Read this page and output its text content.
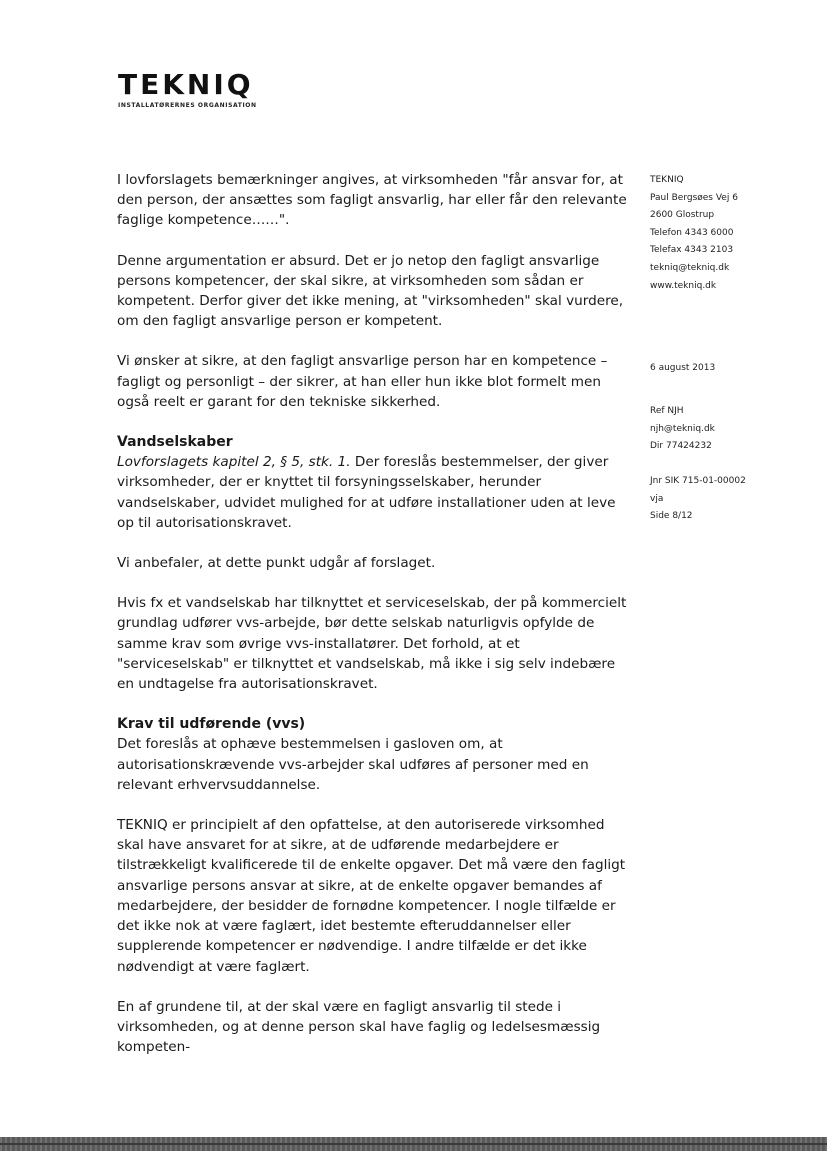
TEKNIQ
INSTALLATØRERNES ORGANISATION

I lovforslagets bemærkninger angives, at virksomheden "får ansvar for, at den person, der ansættes som fagligt ansvarlig, har eller får den relevante faglige kompetence……".

Denne argumentation er absurd. Det er jo netop den fagligt ansvarlige persons kompetencer, der skal sikre, at virksomheden som sådan er kompetent. Derfor giver det ikke mening, at "virksomheden" skal vurdere, om den fagligt ansvarlige person er kompetent.

Vi ønsker at sikre, at den fagligt ansvarlige person har en kompetence – fagligt og personligt – der sikrer, at han eller hun ikke blot formelt men også reelt er garant for den tekniske sikkerhed.

Vandselskaber

Lovforslagets kapitel 2, § 5, stk. 1. Der foreslås bestemmelser, der giver virksomheder, der er knyttet til forsyningsselskaber, herunder vandselskaber, udvidet mulighed for at udføre installationer uden at leve op til autorisationskravet.

Vi anbefaler, at dette punkt udgår af forslaget.

Hvis fx et vandselskab har tilknyttet et serviceselskab, der på kommercielt grundlag udfører vvs-arbejde, bør dette selskab naturligvis opfylde de samme krav som øvrige vvs-installatører. Det forhold, at et "serviceselskab" er tilknyttet et vandselskab, må ikke i sig selv indebære en undtagelse fra autorisationskravet.

Krav til udførende (vvs)

Det foreslås at ophæve bestemmelsen i gasloven om, at autorisationskrævende vvs-arbejder skal udføres af personer med en relevant erhvervsuddannelse.

TEKNIQ er principielt af den opfattelse, at den autoriserede virksomhed skal have ansvaret for at sikre, at de udførende medarbejdere er tilstrækkeligt kvalificerede til de enkelte opgaver. Det må være den fagligt ansvarlige persons ansvar at sikre, at de enkelte opgaver bemandes af medarbejdere, der besidder de fornødne kompetencer. I nogle tilfælde er det ikke nok at være faglært, idet bestemte efteruddannelser eller supplerende kompetencer er nødvendige. I andre tilfælde er det ikke nødvendigt at være faglært.

En af grundene til, at der skal være en fagligt ansvarlig til stede i virksomheden, og at denne person skal have faglig og ledelsesmæssig kompeten-

TEKNIQ
Paul Bergsøes Vej 6
2600 Glostrup
Telefon 4343 6000
Telefax 4343 2103
tekniq@tekniq.dk
www.tekniq.dk
6 august 2013
Ref NJH
njh@tekniq.dk
Dir 77424232
Jnr SIK 715-01-00002
vja
Side 8/12
